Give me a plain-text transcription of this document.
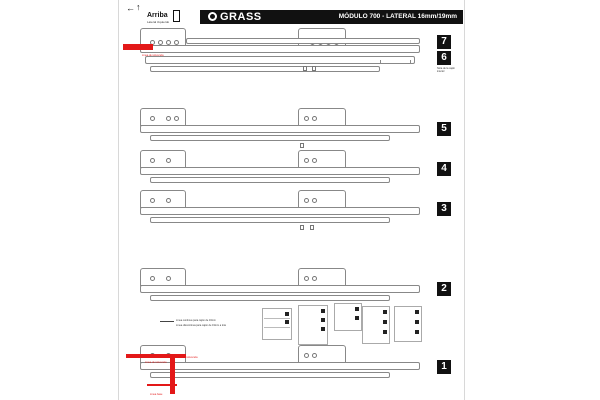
← ↑
Arriba
Lateral izquierdo	GRASS	MÓDULO 700 - LATERAL 16mm/19mm
Línea de referencia
7
6
Nota de la cajón interior
5
4
3
2
Línea continua para cajón de 16mm
Línea discontinua para cajón de 19mm a trás
1
Línea de referencia
Línea de referencia
Línea base
